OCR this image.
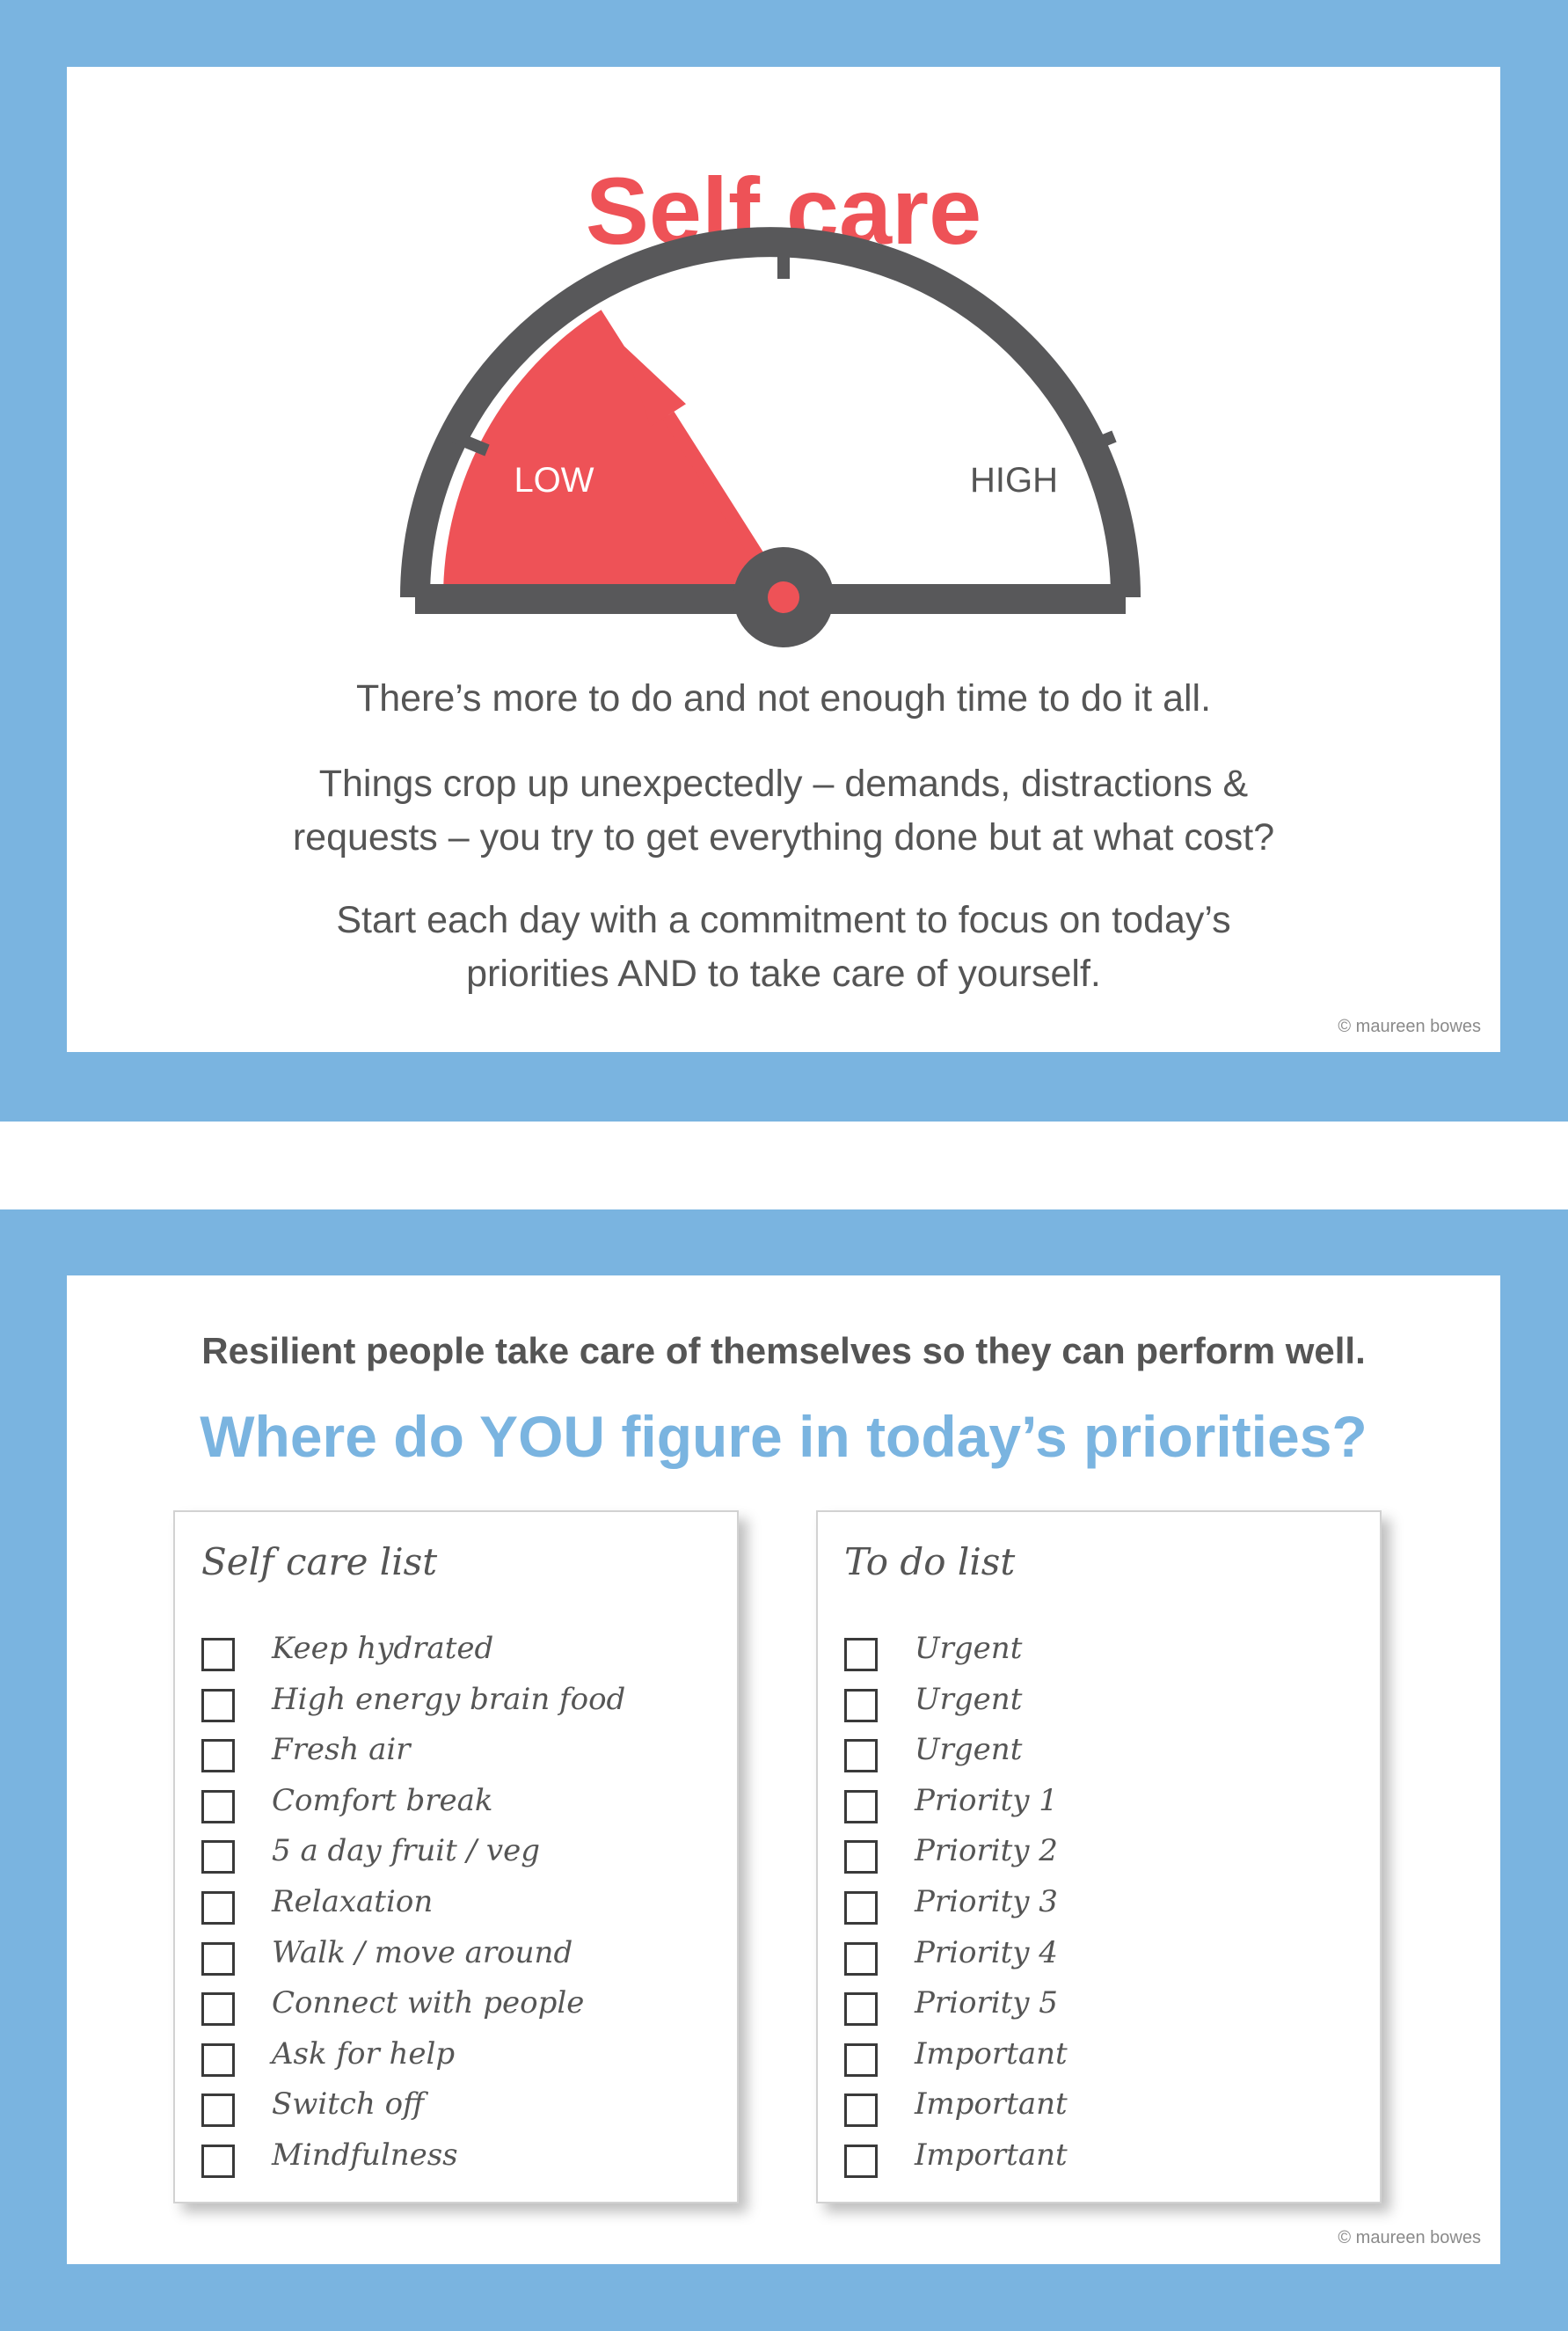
Self care
LOW	HIGH
There’s more to do and not enough time to do it all.
Things crop up unexpectedly – demands, distractions &
requests – you try to get everything done but at what cost?
Start each day with a commitment to focus on today’s
priorities AND to take care of yourself.
© maureen bowes
Resilient people take care of themselves so they can perform well.
Where do YOU figure in today’s priorities?
Self care list
Keep hydrated
High energy brain food
Fresh air
Comfort break
5 a day fruit / veg
Relaxation
Walk / move around
Connect with people
Ask for help
Switch off
Mindfulness
To do list
Urgent
Urgent
Urgent
Priority 1
Priority 2
Priority 3
Priority 4
Priority 5
Important
Important
Important
© maureen bowes
